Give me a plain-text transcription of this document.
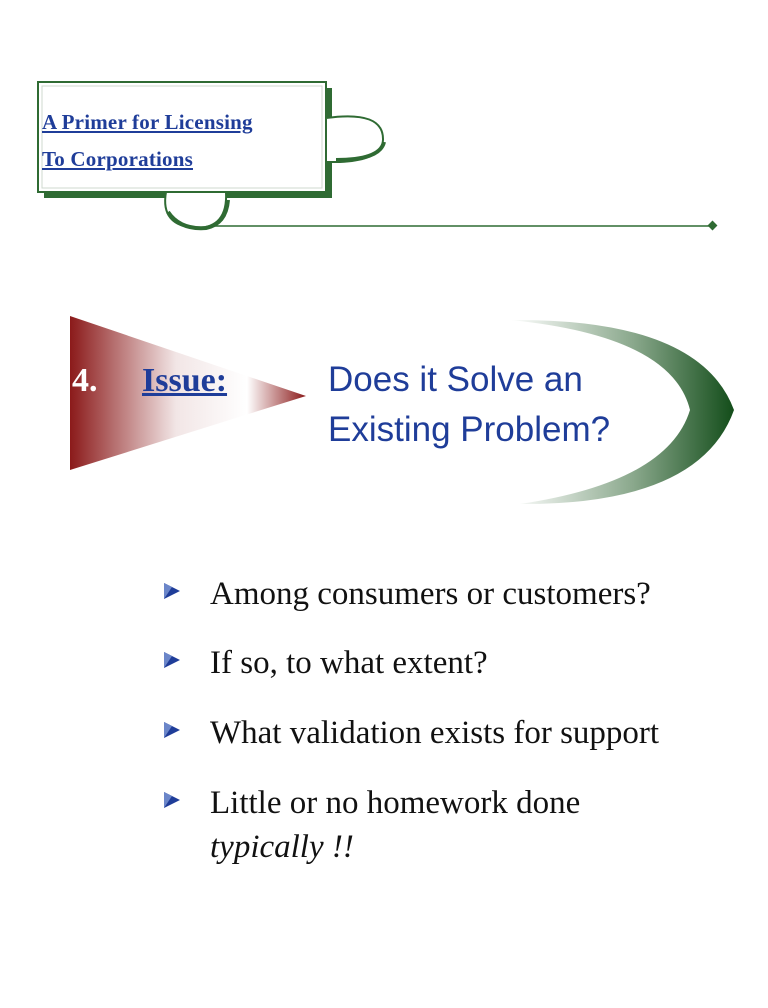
A Primer for Licensing
To Corporations
4. Issue:	Does it Solve an
Existing Problem?
Among consumers or customers?
If so, to what extent?
What validation exists for support
Little or no homework done
typically !!
